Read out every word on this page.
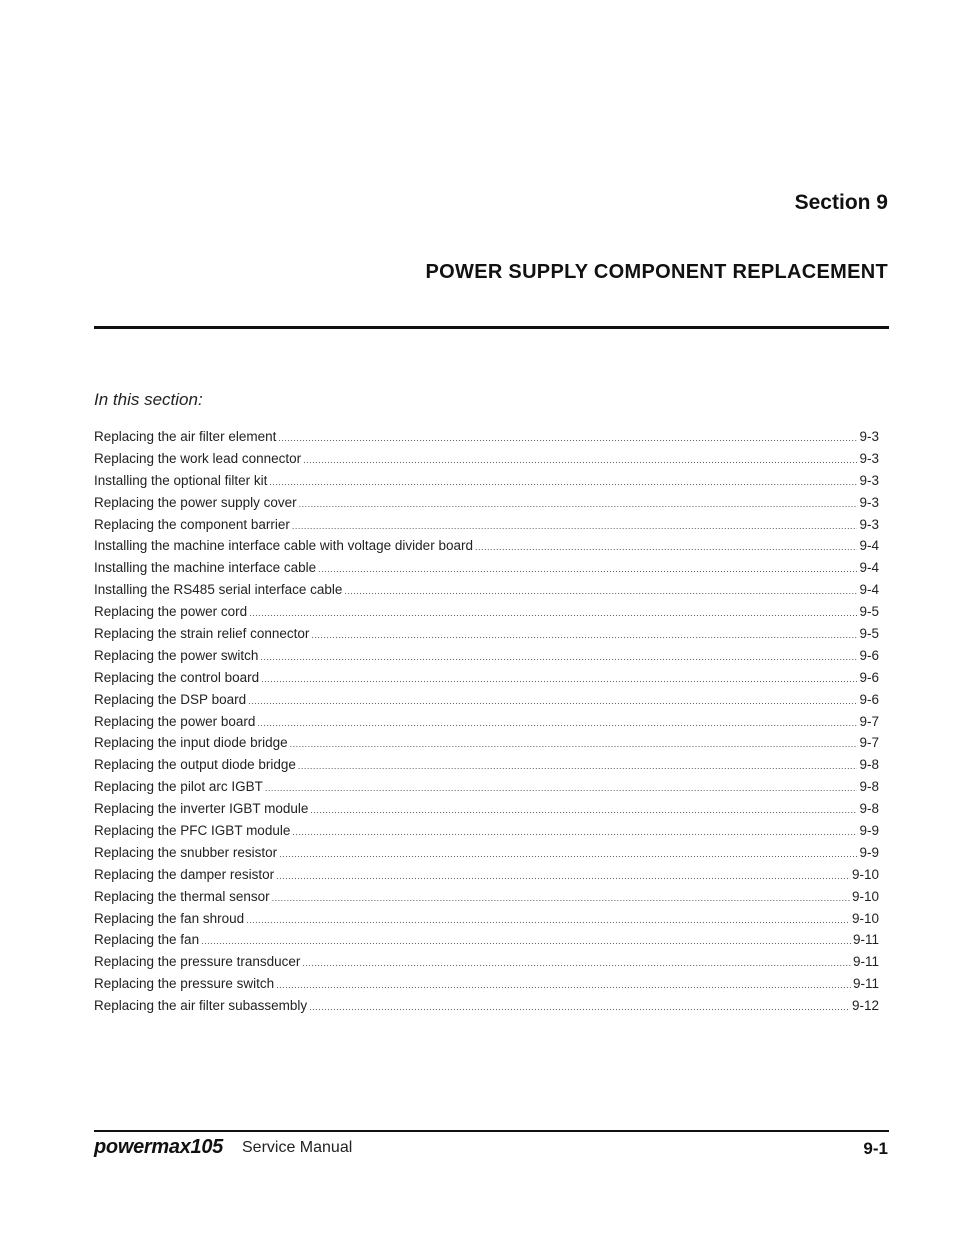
Section 9
POWER SUPPLY COMPONENT REPLACEMENT
In this section:
Replacing the air filter element .....	9-3
Replacing the work lead connector .....	9-3
Installing the optional filter kit .....	9-3
Replacing the power supply cover .....	9-3
Replacing the component barrier .....	9-3
Installing the machine interface cable with voltage divider board .....	9-4
Installing the machine interface cable .....	9-4
Installing the RS485 serial interface cable .....	9-4
Replacing the power cord .....	9-5
Replacing the strain relief connector .....	9-5
Replacing the power switch .....	9-6
Replacing the control board .....	9-6
Replacing the DSP board .....	9-6
Replacing the power board .....	9-7
Replacing the input diode bridge .....	9-7
Replacing the output diode bridge .....	9-8
Replacing the pilot arc IGBT .....	9-8
Replacing the inverter IGBT module .....	9-8
Replacing the PFC IGBT module .....	9-9
Replacing the snubber resistor .....	9-9
Replacing the damper resistor .....	9-10
Replacing the thermal sensor .....	9-10
Replacing the fan shroud .....	9-10
Replacing the fan .....	9-11
Replacing the pressure transducer .....	9-11
Replacing the pressure switch .....	9-11
Replacing the air filter subassembly .....	9-12
powermax105 Service Manual	9-1
